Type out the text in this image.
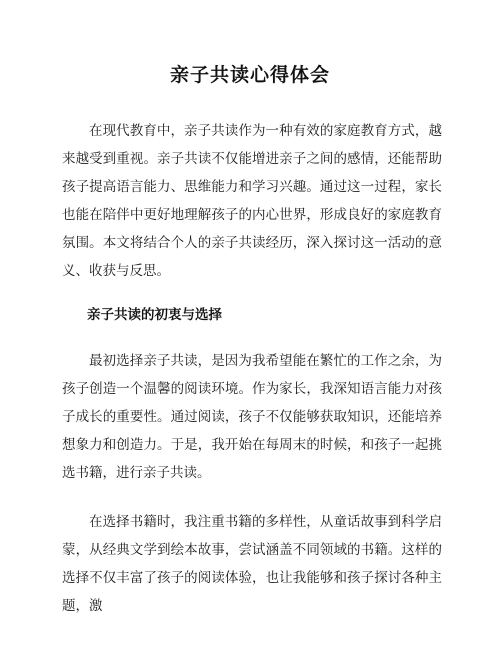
亲子共读心得体会

在现代教育中，亲子共读作为一种有效的家庭教育方式，越来越受到重视。亲子共读不仅能增进亲子之间的感情，还能帮助孩子提高语言能力、思维能力和学习兴趣。通过这一过程，家长也能在陪伴中更好地理解孩子的内心世界，形成良好的家庭教育氛围。本文将结合个人的亲子共读经历，深入探讨这一活动的意义、收获与反思。

亲子共读的初衷与选择

最初选择亲子共读，是因为我希望能在繁忙的工作之余，为孩子创造一个温馨的阅读环境。作为家长，我深知语言能力对孩子成长的重要性。通过阅读，孩子不仅能够获取知识，还能培养想象力和创造力。于是，我开始在每周末的时候，和孩子一起挑选书籍，进行亲子共读。

在选择书籍时，我注重书籍的多样性，从童话故事到科学启蒙，从经典文学到绘本故事，尝试涵盖不同领域的书籍。这样的选择不仅丰富了孩子的阅读体验，也让我能够和孩子探讨各种主题，激
